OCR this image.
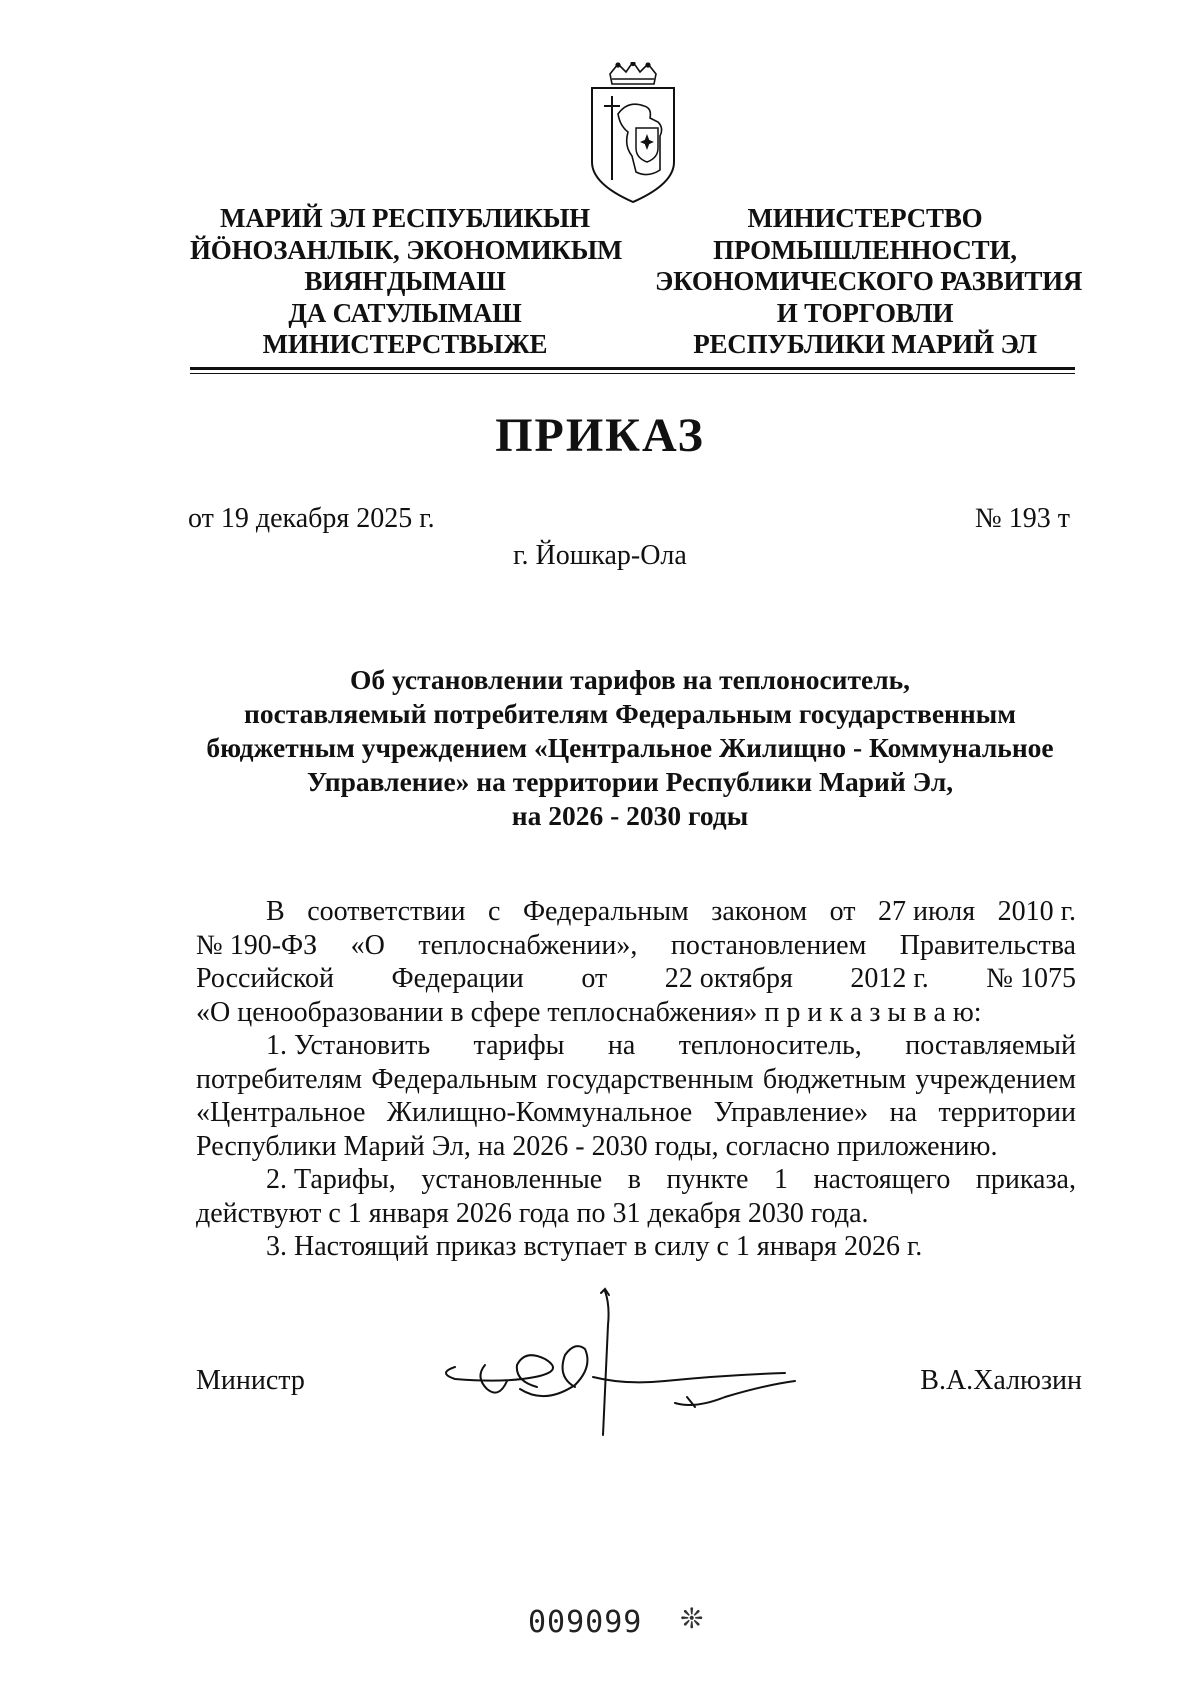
МАРИЙ ЭЛ РЕСПУБЛИКЫН
ЙӦНОЗАНЛЫК, ЭКОНОМИКЫМ
ВИЯҤДЫМАШ
ДА САТУЛЫМАШ
МИНИСТЕРСТВЫЖЕ
МИНИСТЕРСТВО
ПРОМЫШЛЕННОСТИ,
ЭКОНОМИЧЕСКОГО РАЗВИТИЯ
И ТОРГОВЛИ
РЕСПУБЛИКИ МАРИЙ ЭЛ
ПРИКАЗ
от 19 декабря 2025 г.	№ 193 т
г. Йошкар-Ола
Об установлении тарифов на теплоноситель,
поставляемый потребителям Федеральным государственным
бюджетным учреждением «Центральное Жилищно - Коммунальное
Управление» на территории Республики Марий Эл,
на 2026 - 2030 годы
В соответствии с Федеральным законом от 27 июля 2010 г.
№ 190-ФЗ «О теплоснабжении», постановлением Правительства
Российской Федерации от 22 октября 2012 г. № 1075
«О ценообразовании в сфере теплоснабжения» п р и к а з ы в а ю:
1. Установить тарифы на теплоноситель, поставляемый
потребителям Федеральным государственным бюджетным учреждением
«Центральное Жилищно-Коммунальное Управление» на территории
Республики Марий Эл, на 2026 - 2030 годы, согласно приложению.
2. Тарифы, установленные в пункте 1 настоящего приказа,
действуют с 1 января 2026 года по 31 декабря 2030 года.
3. Настоящий приказ вступает в силу с 1 января 2026 г.
Министр	В.А.Халюзин
009099 ❊
